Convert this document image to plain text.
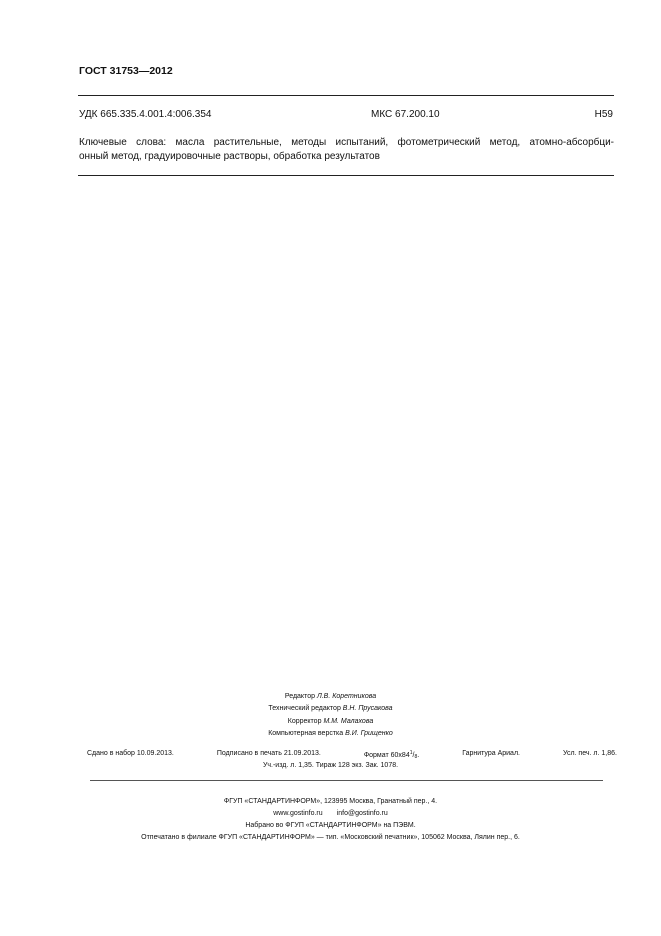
ГОСТ 31753—2012
УДК 665.335.4.001.4:006.354	МКС 67.200.10	Н59
Ключевые слова: масла растительные, методы испытаний, фотометрический метод, атомно-абсорбци-
онный метод, градуировочные растворы, обработка результатов
Редактор Л.В. Коретникова
Технический редактор В.Н. Прусакова
Корректор М.М. Малахова
Компьютерная верстка В.И. Грищенко
Сдано в набор 10.09.2013.	Подписано в печать 21.09.2013.	Формат $60х84^1/_8$.	Гарнитура Ариал.	Усл. печ. л. 1,86.
Уч.-изд. л. 1,35. Тираж 128 экз. Зак. 1078.
ФГУП «СТАНДАРТИНФОРМ», 123995 Москва, Гранатный пер., 4.
www.gostinfo.ru info@gostinfo.ru
Набрано во ФГУП «СТАНДАРТИНФОРМ» на ПЭВМ.
Отпечатано в филиале ФГУП «СТАНДАРТИНФОРМ» — тип. «Московский печатник», 105062 Москва, Лялин пер., 6.
